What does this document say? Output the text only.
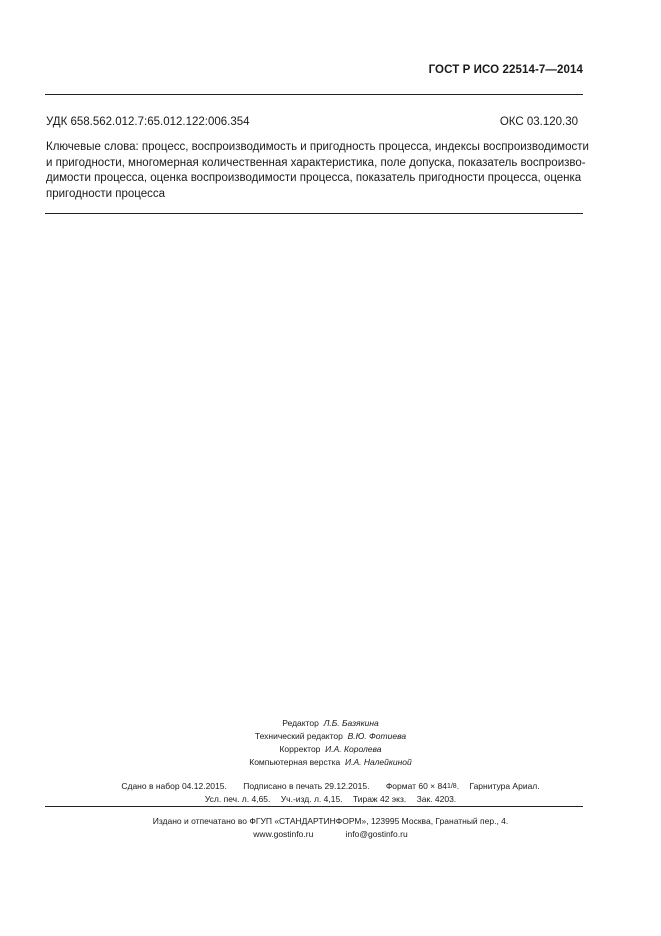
ГОСТ Р ИСО 22514-7—2014
УДК 658.562.012.7:65.012.122:006.354	ОКС 03.120.30
Ключевые слова: процесс, воспроизводимость и пригодность процесса, индексы воспроизводимости
и пригодности, многомерная количественная характеристика, поле допуска, показатель воспроизво-
димости процесса, оценка воспроизводимости процесса, показатель пригодности процесса, оценка
пригодности процесса
Редактор Л.Б. Базякина
Технический редактор В.Ю. Фотиева
Корректор И.А. Королева
Компьютерная верстка И.А. Налейкиной
Сдано в набор 04.12.2015. Подписано в печать 29.12.2015. Формат 60 × 841/8. Гарнитура Ариал.
Усл. печ. л. 4,65. Уч.-изд. л. 4,15. Тираж 42 экз. Зак. 4203.
Издано и отпечатано во ФГУП «СТАНДАРТИНФОРМ», 123995 Москва, Гранатный пер., 4.
www.gostinfo.ru	info@gostinfo.ru
